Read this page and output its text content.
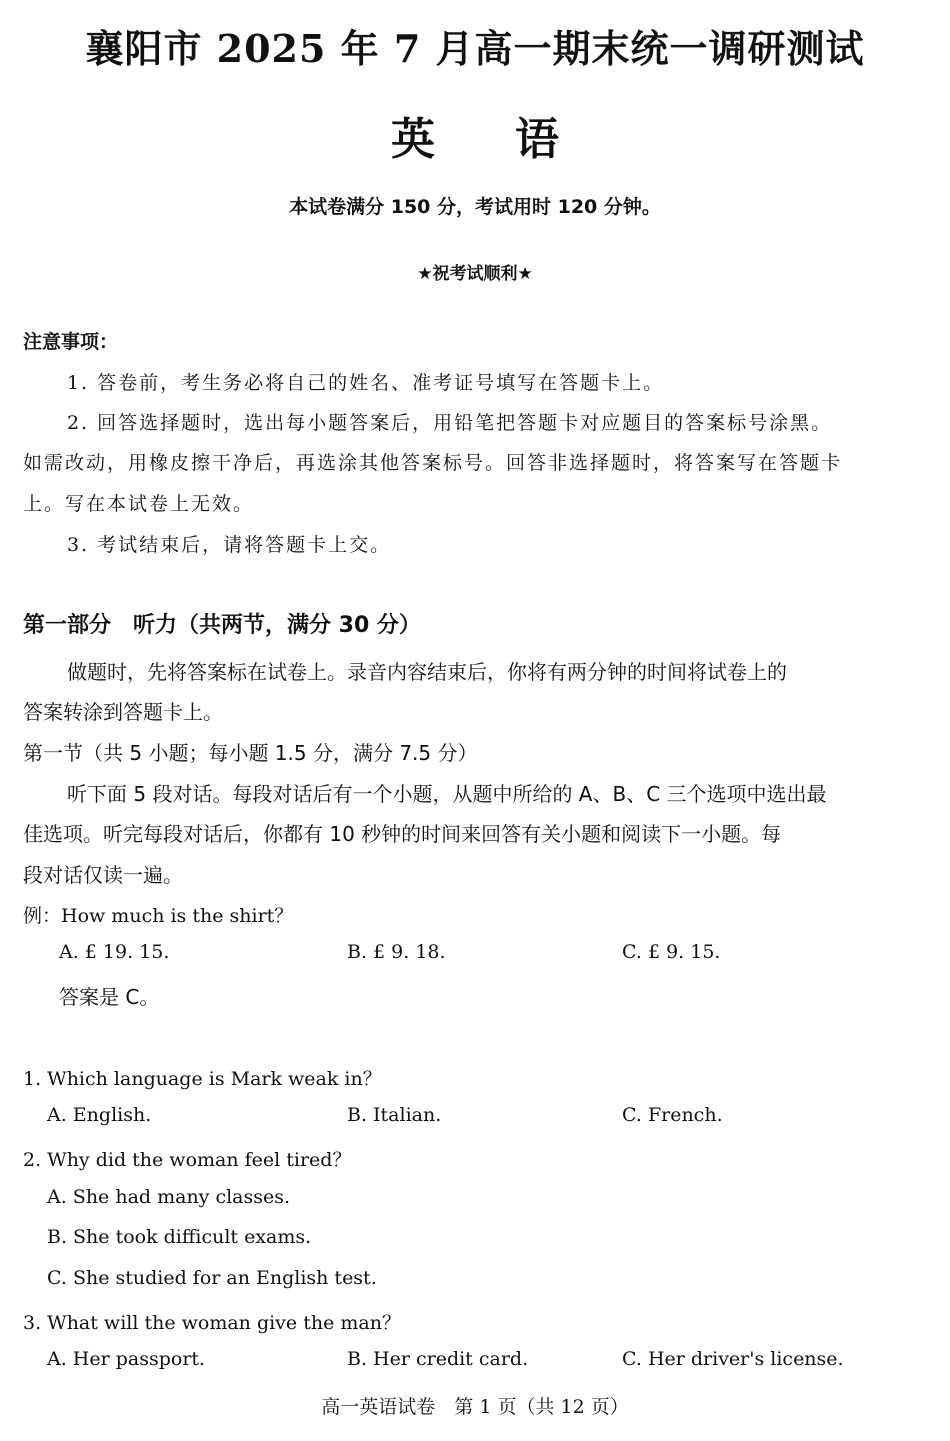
襄阳市 2025 年 7 月高一期末统一调研测试
英语
本试卷满分 150 分，考试用时 120 分钟。
★祝考试顺利★
注意事项：
1. 答卷前，考生务必将自己的姓名、准考证号填写在答题卡上。
2. 回答选择题时，选出每小题答案后，用铅笔把答题卡对应题目的答案标号涂黑。
如需改动，用橡皮擦干净后，再选涂其他答案标号。回答非选择题时，将答案写在答题卡
上。写在本试卷上无效。
3. 考试结束后，请将答题卡上交。
第一部分　听力（共两节，满分 30 分）
做题时，先将答案标在试卷上。录音内容结束后，你将有两分钟的时间将试卷上的
答案转涂到答题卡上。
第一节（共 5 小题；每小题 1.5 分，满分 7.5 分）
听下面 5 段对话。每段对话后有一个小题，从题中所给的 A、B、C 三个选项中选出最
佳选项。听完每段对话后，你都有 10 秒钟的时间来回答有关小题和阅读下一小题。每
段对话仅读一遍。
例：How much is the shirt？
A. £ 19. 15.	B. £ 9. 18.	C. £ 9. 15.
答案是 C。
1. Which language is Mark weak in？
A. English.	B. Italian.	C. French.
2. Why did the woman feel tired？
A. She had many classes.
B. She took difficult exams.
C. She studied for an English test.
3. What will the woman give the man？
A. Her passport.	B. Her credit card.	C. Her driver's license.
高一英语试卷　第 1 页（共 12 页）
